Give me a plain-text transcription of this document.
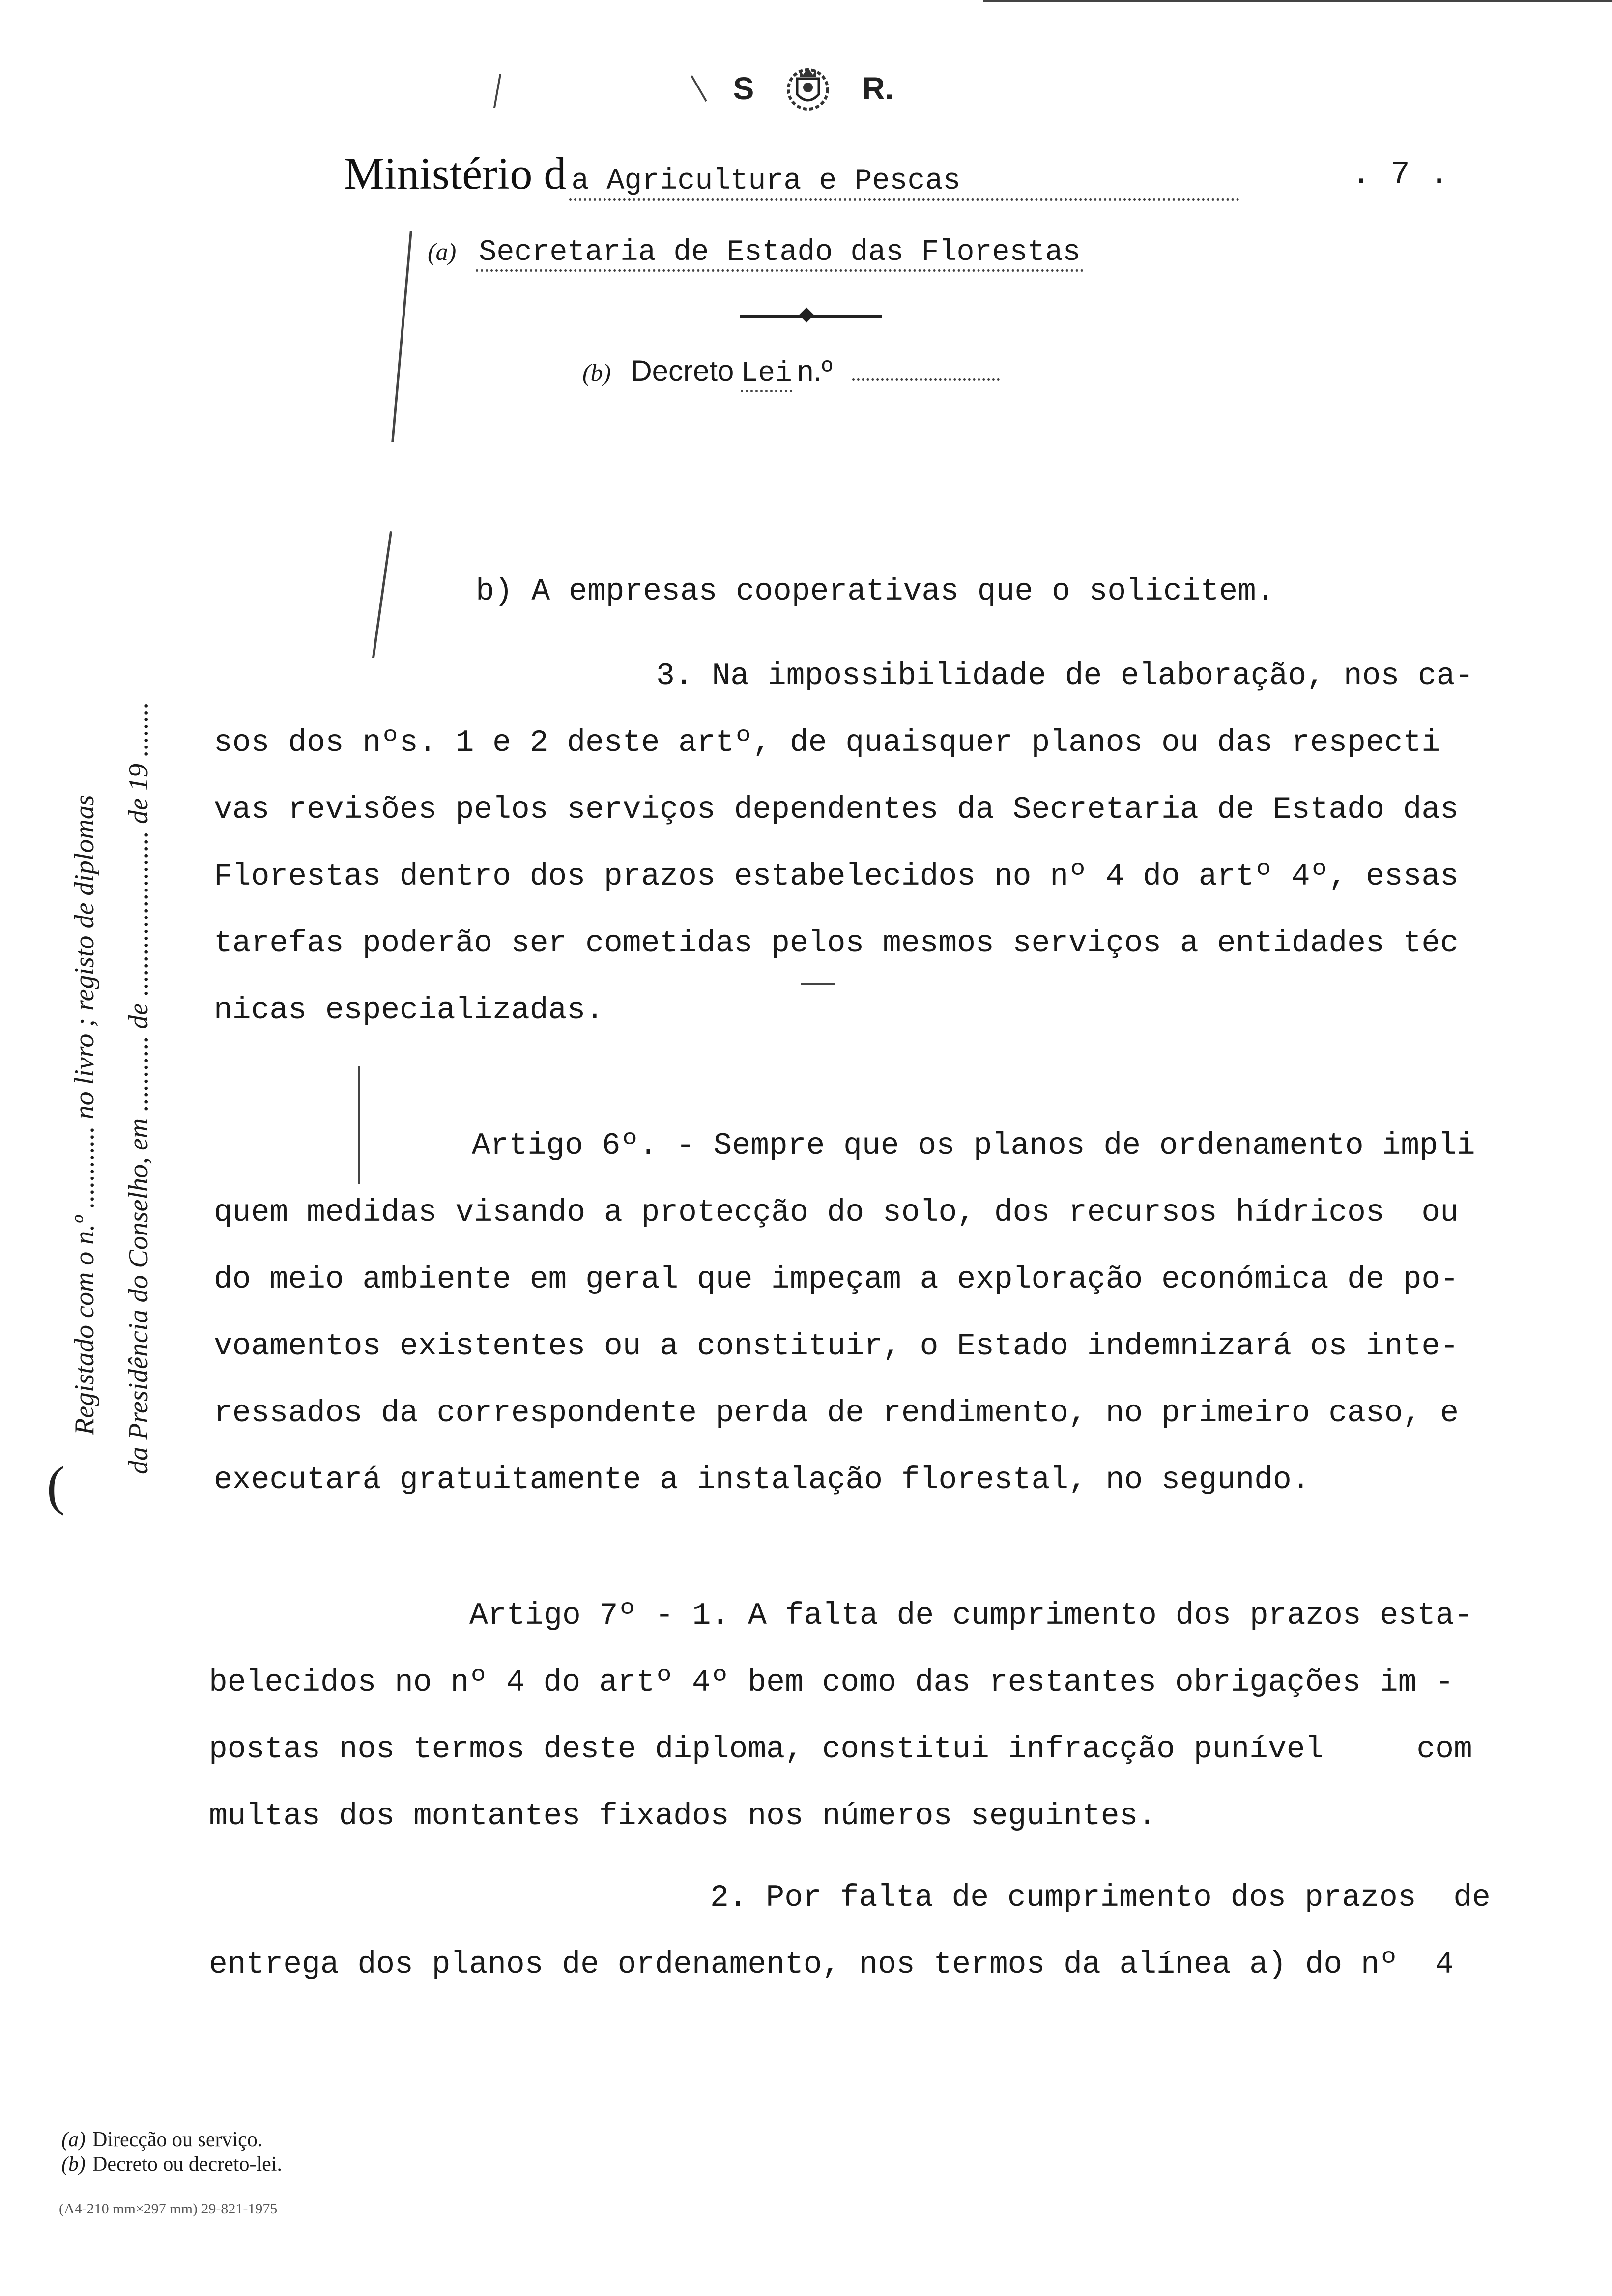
S	R.
Ministério d a Agricultura e Pescas	. 7 .
(a) Secretaria de Estado das Florestas
(b) Decreto Lei n.º
b) A empresas cooperativas que o solicitem.
3. Na impossibilidade de elaboração, nos ca-
sos dos nºs. 1 e 2 deste artº, de quaisquer planos ou das respecti
vas revisões pelos serviços dependentes da Secretaria de Estado das
Florestas dentro dos prazos estabelecidos no nº 4 do artº 4º, essas
tarefas poderão ser cometidas pelos mesmos serviços a entidades téc
nicas especializadas.
Artigo 6º. - Sempre que os planos de ordenamento impli
quem medidas visando a protecção do solo, dos recursos hídricos  ou
do meio ambiente em geral que impeçam a exploração económica de po-
voamentos existentes ou a constituir, o Estado indemnizará os inte-
ressados da correspondente perda de rendimento, no primeiro caso, e
executará gratuitamente a instalação florestal, no segundo.
Artigo 7º - 1. A falta de cumprimento dos prazos esta-
belecidos no nº 4 do artº 4º bem como das restantes obrigações im -
postas nos termos deste diploma, constitui infracção punível     com
multas dos montantes fixados nos números seguintes.
2. Por falta de cumprimento dos prazos  de
entrega dos planos de ordenamento, nos termos da alínea a) do nº  4
Registado com o n.º ............ no livro ; registo de diplomas da Presidência do Conselho, em ........... de ........................ de 19 ........
(
(a) Direcção ou serviço.
(b) Decreto ou decreto-lei.
(A4-210 mm×297 mm) 29-821-1975
